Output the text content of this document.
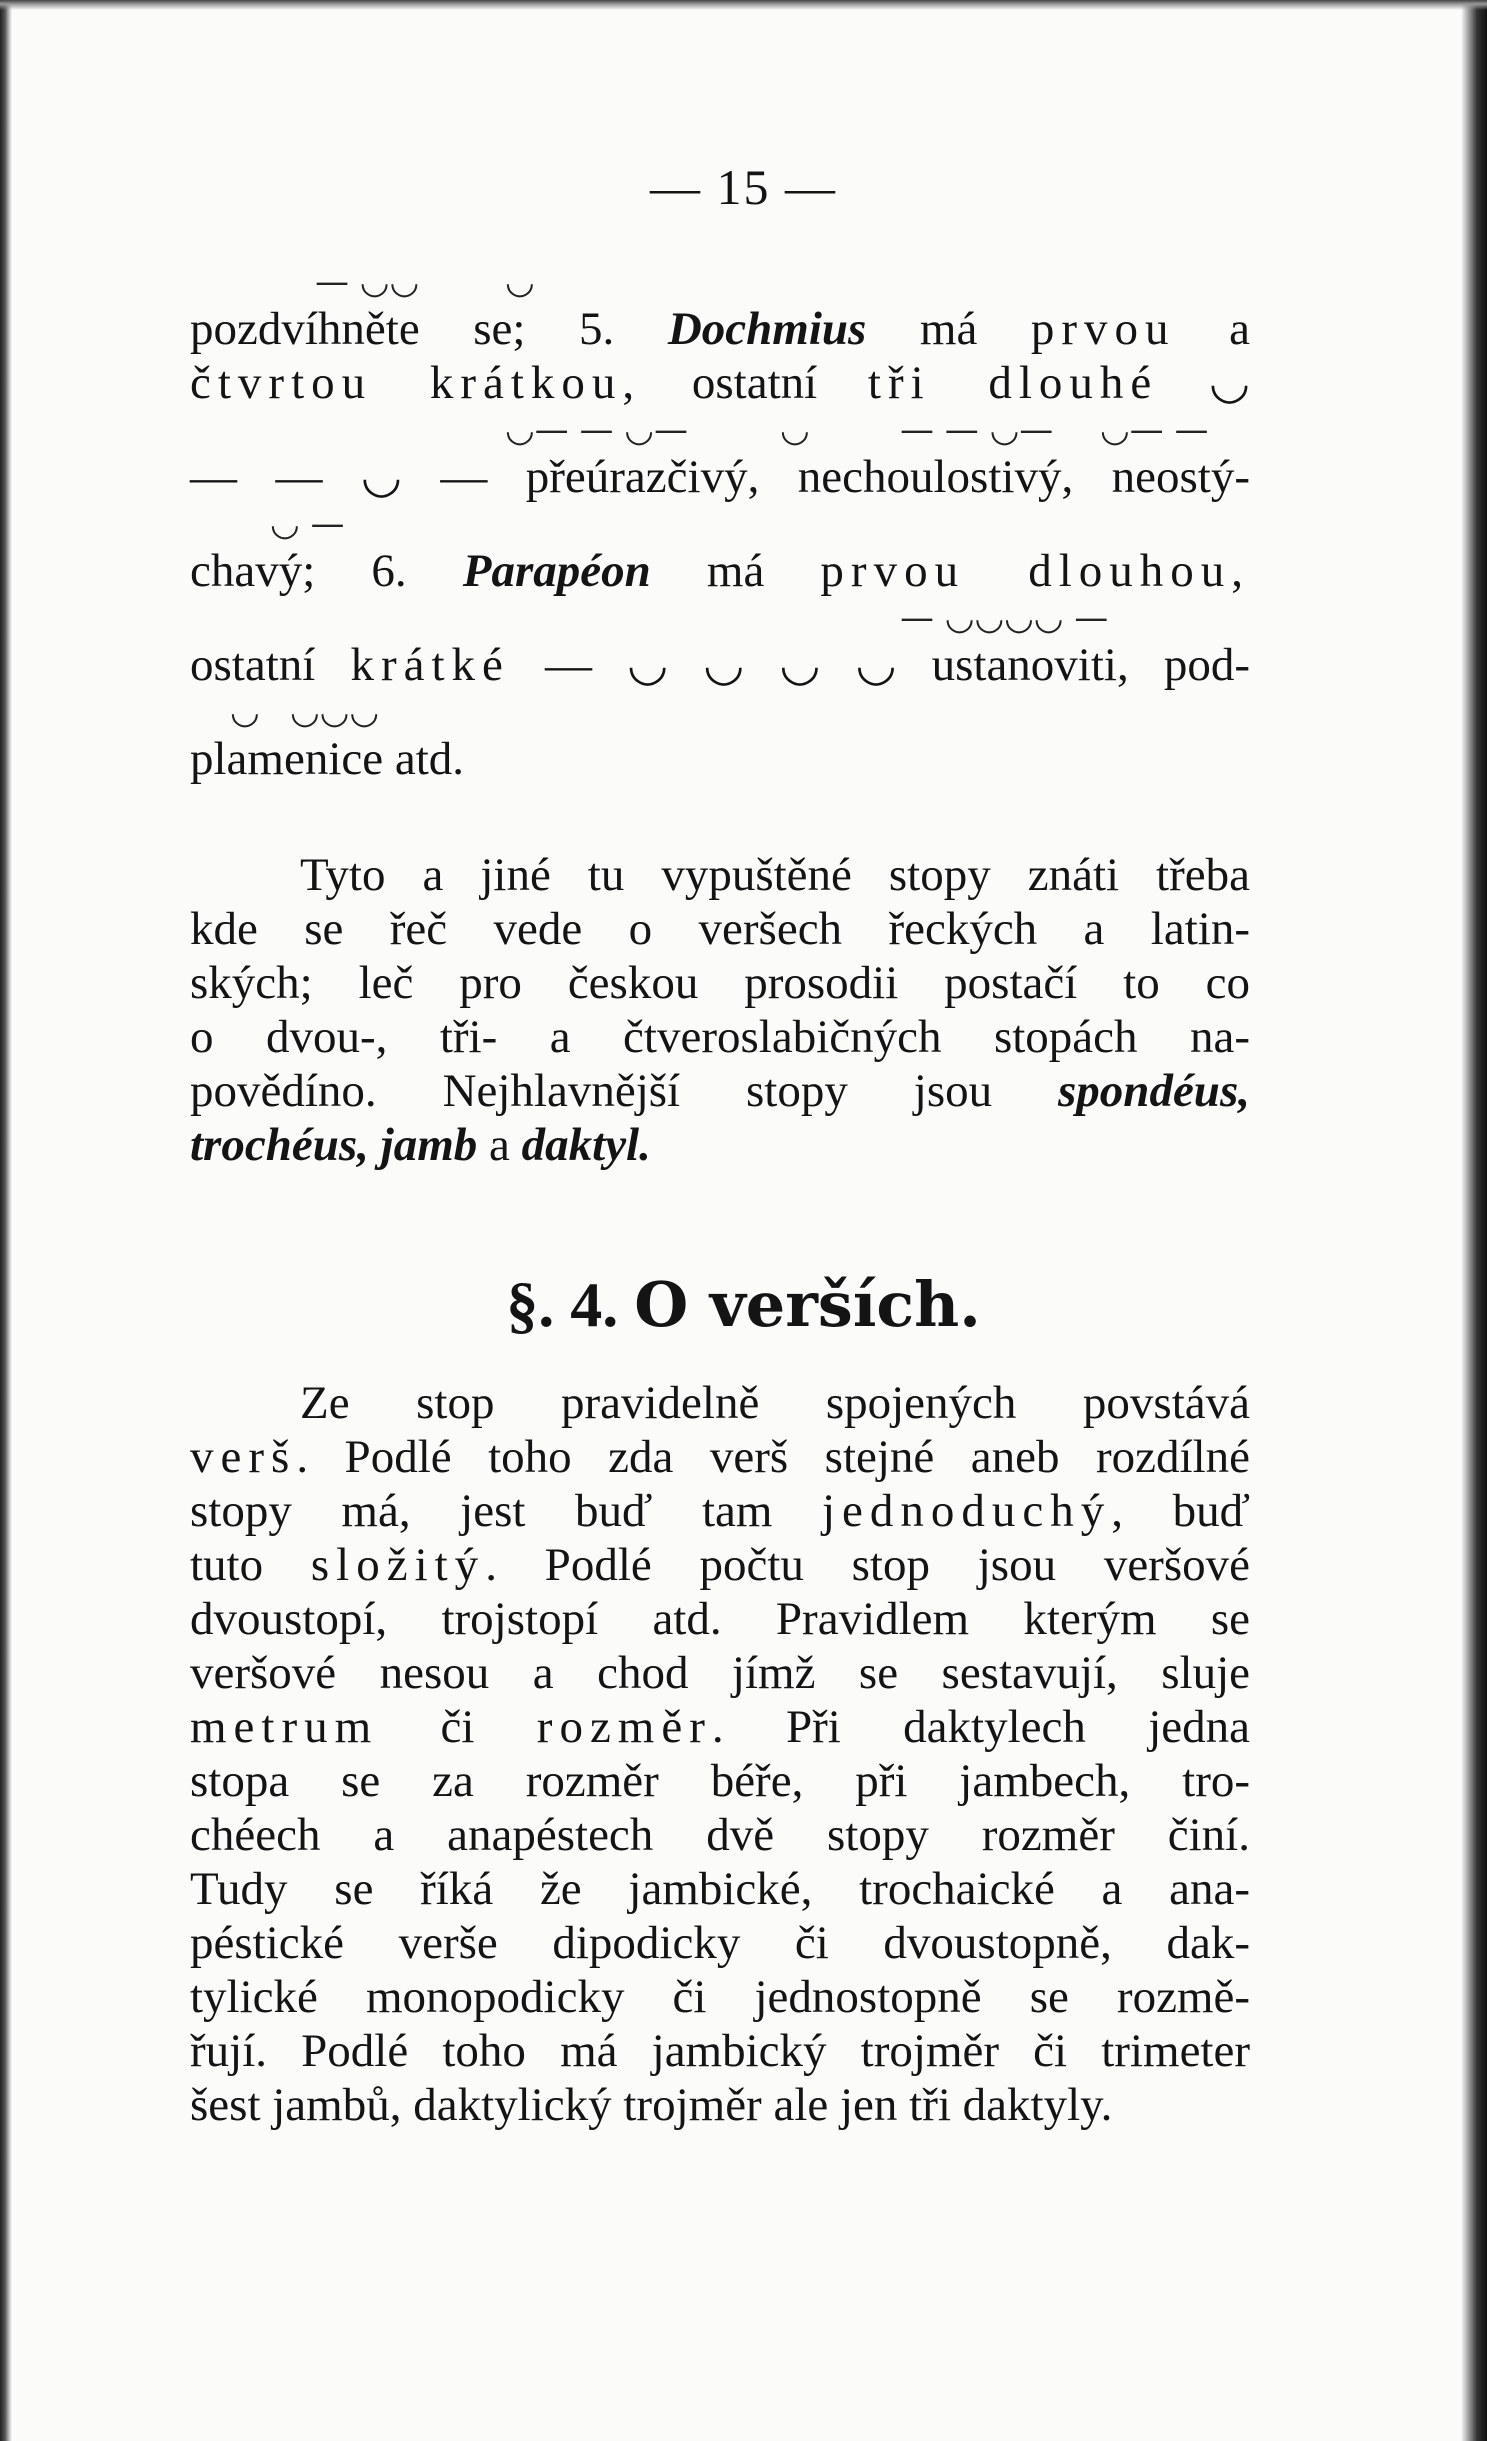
— 15 —
— ◡◡	◡
pozdvíhněte se; 5. Dochmius má prvou a
čtvrtou krátkou, ostatní tři dlouhé ◡
◡— — ◡—	◡	— — ◡— ◡— —
— — ◡ — přeúrazčivý, nechoulostivý, neostý-
◡ —
chavý; 6. Parapéon má prvou dlouhou,
— ◡◡◡◡ —
ostatní krátké — ◡ ◡ ◡ ◡ ustanoviti, pod-
◡ ◡◡◡
plamenice atd.
Tyto a jiné tu vypuštěné stopy znáti třeba
kde se řeč vede o veršech řeckých a latin-
ských; leč pro českou prosodii postačí to co
o dvou-, tři- a čtveroslabičných stopách na-
povědíno. Nejhlavnější stopy jsou spondéus,
trochéus, jamb a daktyl.
§. 4. O verších.
Ze stop pravidelně spojených povstává
verš. Podlé toho zda verš stejné aneb rozdílné
stopy má, jest buď tam jednoduchý, buď
tuto složitý. Podlé počtu stop jsou veršové
dvoustopí, trojstopí atd. Pravidlem kterým se
veršové nesou a chod jímž se sestavují, sluje
metrum či rozměr. Při daktylech jedna
stopa se za rozměr béře, při jambech, tro-
chéech a anapéstech dvě stopy rozměr činí.
Tudy se říká že jambické, trochaické a ana-
péstické verše dipodicky či dvoustopně, dak-
tylické monopodicky či jednostopně se rozmě-
řují. Podlé toho má jambický trojměr či trimeter
šest jambů, daktylický trojměr ale jen tři daktyly.
